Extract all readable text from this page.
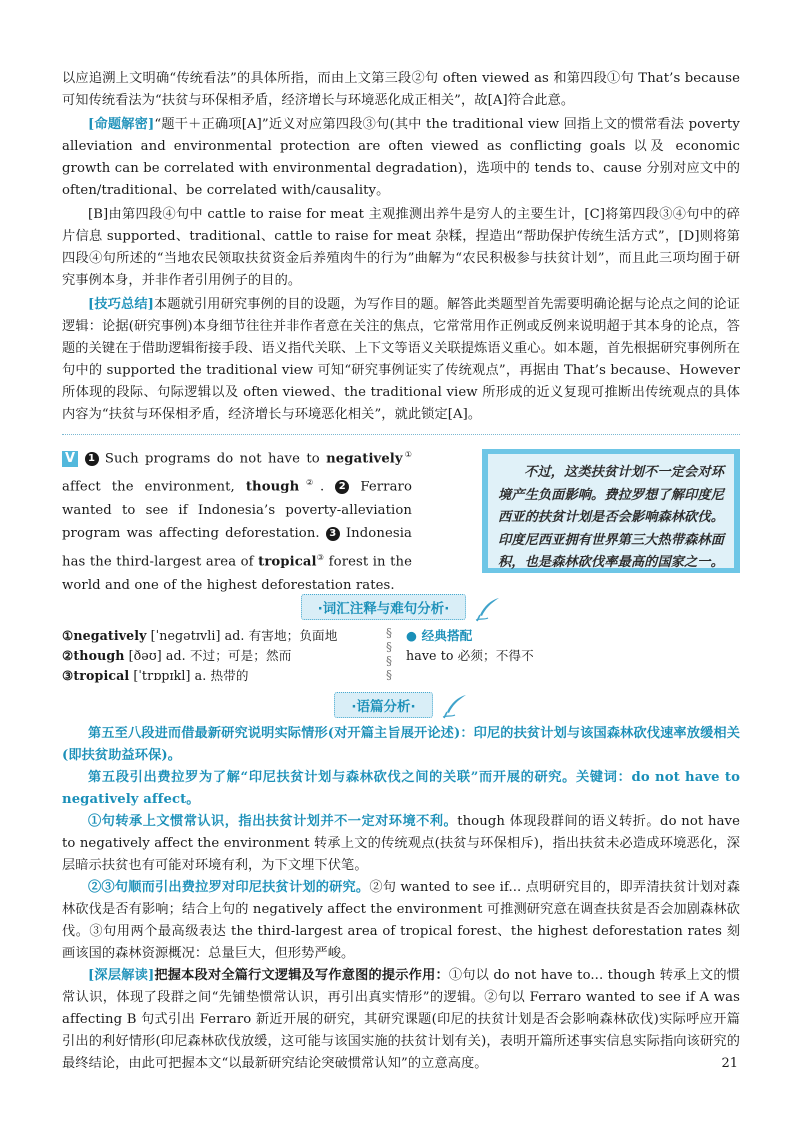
以应追溯上文明确“传统看法”的具体所指，而由上文第三段②句 often viewed as 和第四段①句 That’s because 可知传统看法为“扶贫与环保相矛盾，经济增长与环境恶化成正相关”，故[A]符合此意。

[命题解密]“题干＋正确项[A]”近义对应第四段③句(其中 the traditional view 回指上文的惯常看法 poverty alleviation and environmental protection are often viewed as conflicting goals 以及 economic growth can be correlated with environmental degradation)，选项中的 tends to、cause 分别对应文中的 often/traditional、be correlated with/causality。

[B]由第四段④句中 cattle to raise for meat 主观推测出养牛是穷人的主要生计，[C]将第四段③④句中的碎片信息 supported、traditional、cattle to raise for meat 杂糅，捏造出“帮助保护传统生活方式”，[D]则将第四段④句所述的“当地农民领取扶贫资金后养殖肉牛的行为”曲解为“农民积极参与扶贫计划”，而且此三项均囿于研究事例本身，并非作者引用例子的目的。

[技巧总结]本题就引用研究事例的目的设题，为写作目的题。解答此类题型首先需要明确论据与论点之间的论证逻辑：论据(研究事例)本身细节往往并非作者意在关注的焦点，它常常用作正例或反例来说明超于其本身的论点，答题的关键在于借助逻辑衔接手段、语义指代关联、上下文等语义关联提炼语义重心。如本题，首先根据研究事例所在句中的 supported the traditional view 可知“研究事例证实了传统观点”，再据由 That’s because、However 所体现的段际、句际逻辑以及 often viewed、the traditional view 所形成的近义复现可推断出传统观点的具体内容为“扶贫与环保相矛盾，经济增长与环境恶化相关”，就此锁定[A]。

V 1 Such programs do not have to negatively① affect the environment, though②. 2 Ferraro wanted to see if Indonesia’s poverty-alleviation program was affecting deforestation. 3 Indonesia has the third-largest area of tropical③ forest in the world and one of the highest deforestation rates.

不过，这类扶贫计划不一定会对环境产生负面影响。费拉罗想了解印度尼西亚的扶贫计划是否会影响森林砍伐。印度尼西亚拥有世界第三大热带森林面积，也是森林砍伐率最高的国家之一。

·词汇注释与难句分析·

①negatively [ˈneɡətɪvli] ad. 有害地；负面地

②though [ðəʊ] ad. 不过；可是；然而

③tropical [ˈtrɒpɪkl] a. 热带的

§
§
§
§

● 经典搭配

have to 必须；不得不

·语篇分析·

第五至八段进而借最新研究说明实际情形(对开篇主旨展开论述)：印尼的扶贫计划与该国森林砍伐速率放缓相关(即扶贫助益环保)。

第五段引出费拉罗为了解“印尼扶贫计划与森林砍伐之间的关联”而开展的研究。关键词：do not have to negatively affect。

①句转承上文惯常认识，指出扶贫计划并不一定对环境不利。though 体现段群间的语义转折。do not have to negatively affect the environment 转承上文的传统观点(扶贫与环保相斥)，指出扶贫未必造成环境恶化，深层暗示扶贫也有可能对环境有利，为下文埋下伏笔。

②③句顺而引出费拉罗对印尼扶贫计划的研究。②句 wanted to see if... 点明研究目的，即弄清扶贫计划对森林砍伐是否有影响；结合上句的 negatively affect the environment 可推测研究意在调查扶贫是否会加剧森林砍伐。③句用两个最高级表达 the third-largest area of tropical forest、the highest deforestation rates 刻画该国的森林资源概况：总量巨大，但形势严峻。

[深层解读]把握本段对全篇行文逻辑及写作意图的提示作用：①句以 do not have to... though 转承上文的惯常认识，体现了段群之间“先铺垫惯常认识，再引出真实情形”的逻辑。②句以 Ferraro wanted to see if A was affecting B 句式引出 Ferraro 新近开展的研究，其研究课题(印尼的扶贫计划是否会影响森林砍伐)实际呼应开篇引出的利好情形(印尼森林砍伐放缓，这可能与该国实施的扶贫计划有关)，表明开篇所述事实信息实际指向该研究的最终结论，由此可把握本文“以最新研究结论突破惯常认知”的立意高度。	21
